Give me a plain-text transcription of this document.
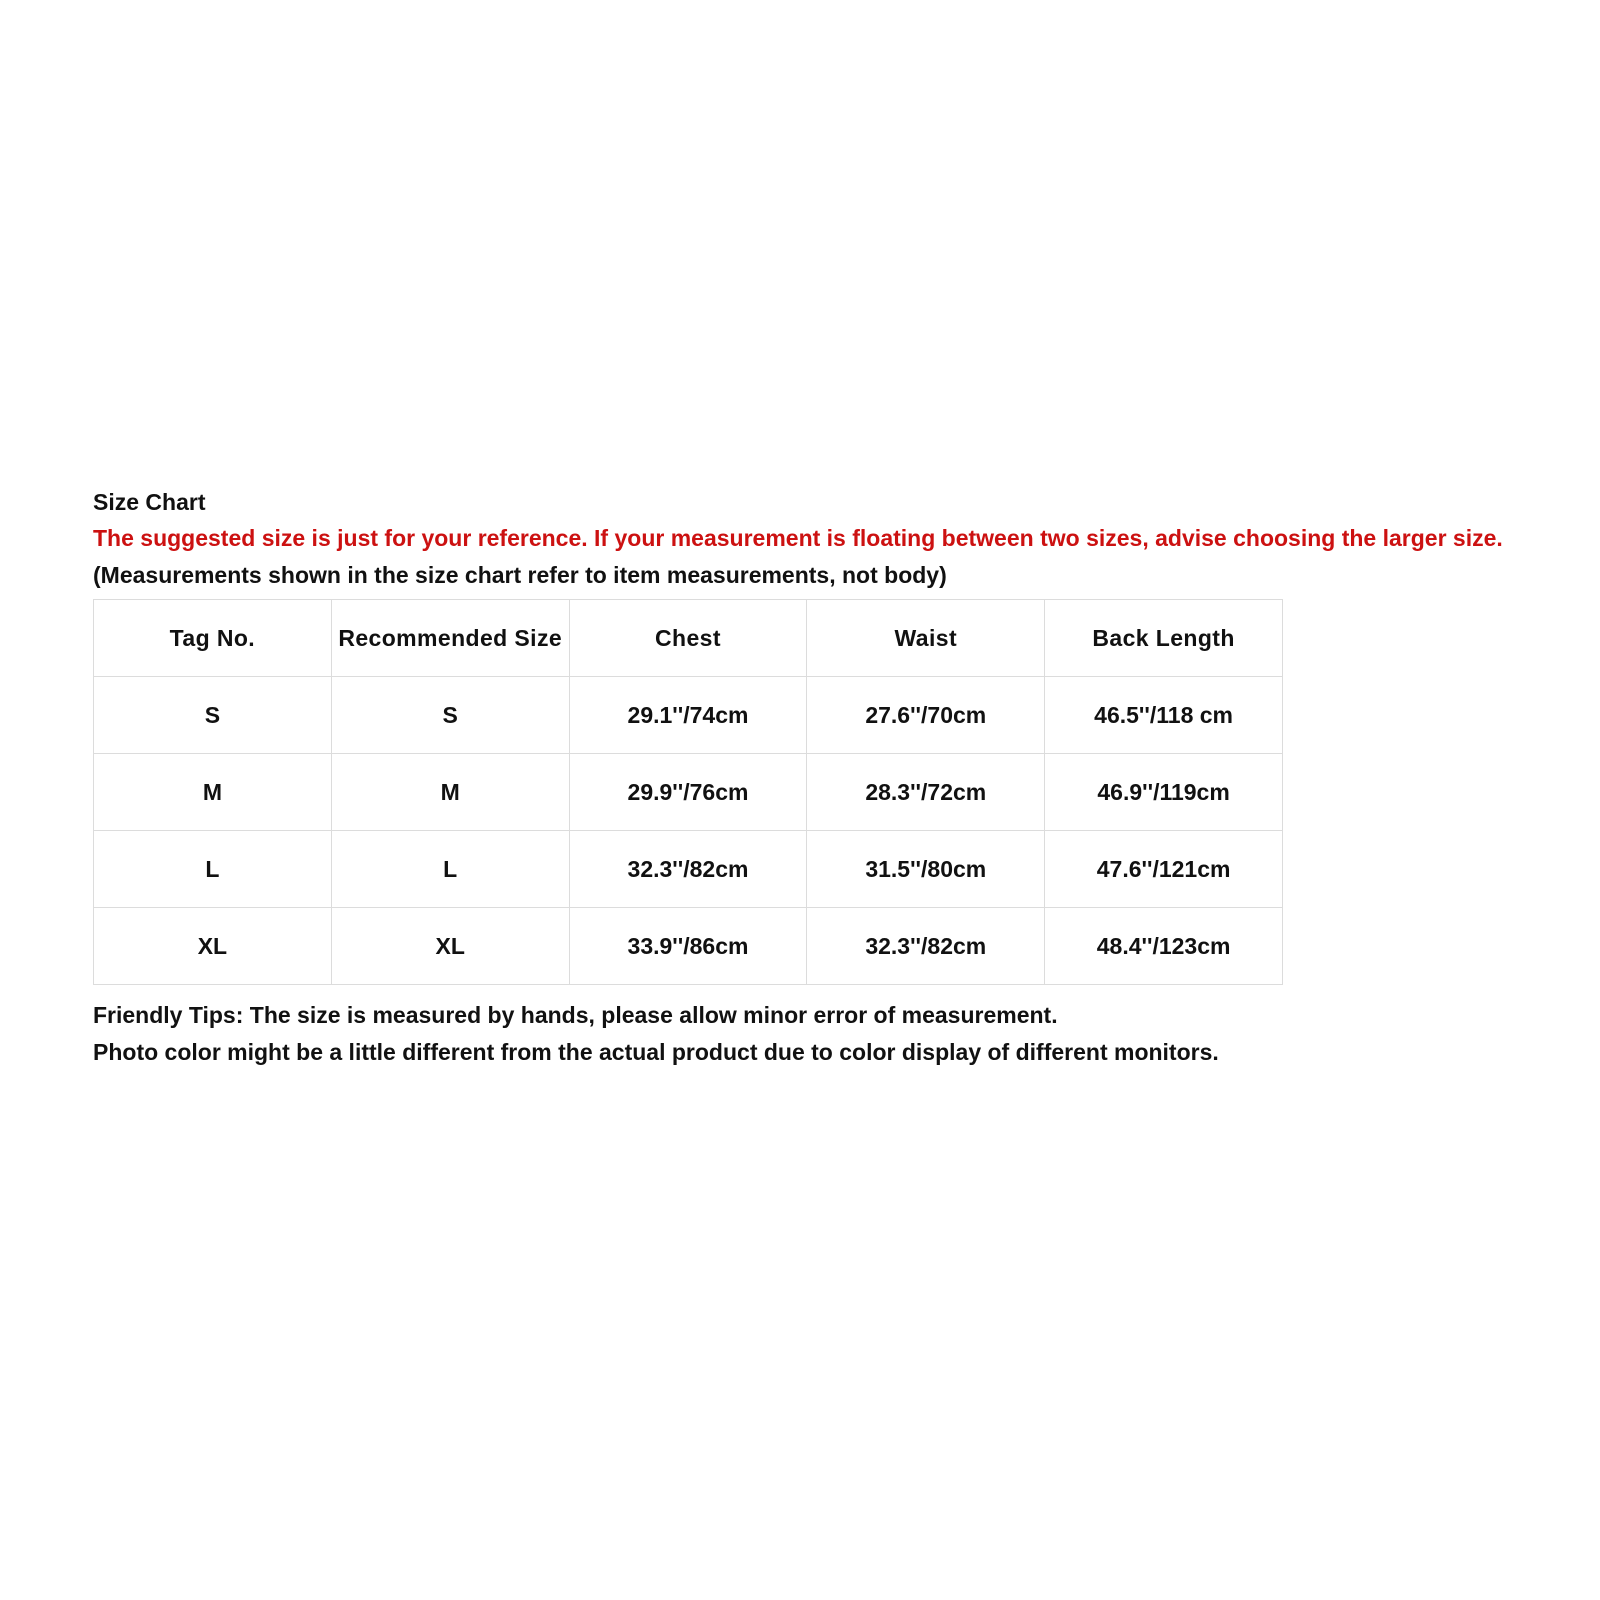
Size Chart

The suggested size is just for your reference. If your measurement is floating between two sizes, advise choosing the larger size.

(Measurements shown in the size chart refer to item measurements, not body)

Tag No.	Recommended Size	Chest	Waist	Back Length
S	S	29.1''/74cm	27.6''/70cm	46.5''/118 cm
M	M	29.9''/76cm	28.3''/72cm	46.9''/119cm
L	L	32.3''/82cm	31.5''/80cm	47.6''/121cm
XL	XL	33.9''/86cm	32.3''/82cm	48.4''/123cm

Friendly Tips: The size is measured by hands, please allow minor error of measurement.

Photo color might be a little different from the actual product due to color display of different monitors.
